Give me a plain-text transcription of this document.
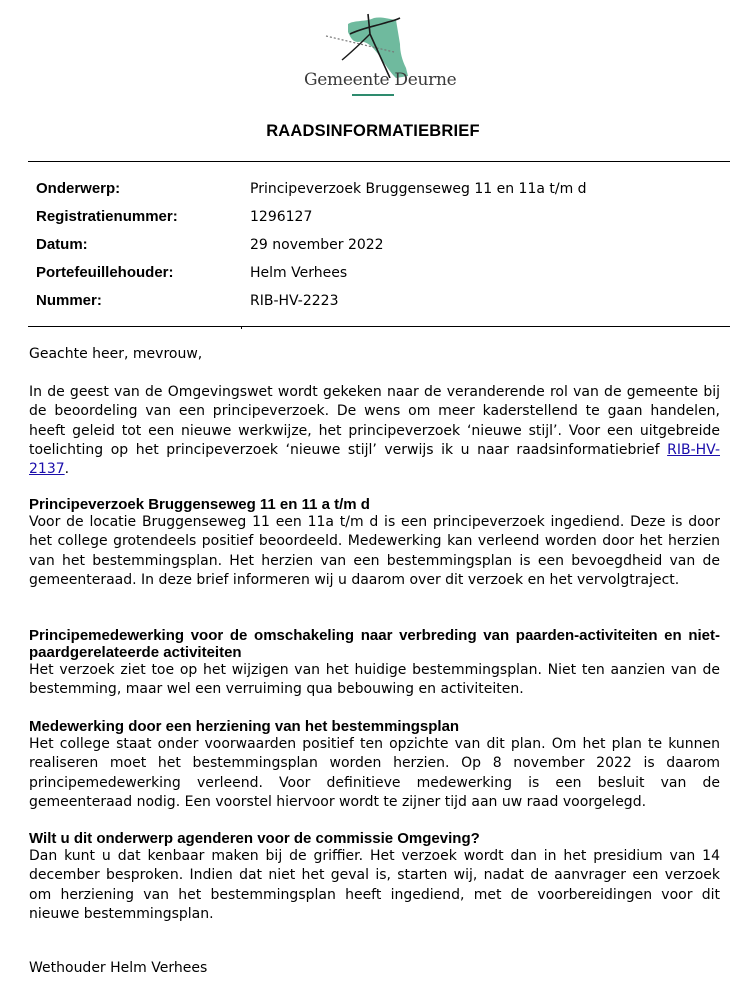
Gemeente Deurne
RAADSINFORMATIEBRIEF
Onderwerp:	Principeverzoek Bruggenseweg 11 en 11a t/m d
Registratienummer:	1296127
Datum:	29 november 2022
Portefeuillehouder:	Helm Verhees
Nummer:	RIB-HV-2223

Geachte heer, mevrouw,

In de geest van de Omgevingswet wordt gekeken naar de veranderende rol van de gemeente bij de beoordeling van een principeverzoek. De wens om meer kaderstellend te gaan handelen, heeft geleid tot een nieuwe werkwijze, het principeverzoek ‘nieuwe stijl’. Voor een uitgebreide toelichting op het principeverzoek ‘nieuwe stijl’ verwijs ik u naar raadsinformatiebrief RIB-HV-2137.

Principeverzoek Bruggenseweg 11 en 11 a t/m d

Voor de locatie Bruggenseweg 11 een 11a t/m d is een principeverzoek ingediend. Deze is door het college grotendeels positief beoordeeld. Medewerking kan verleend worden door het herzien van het bestemmingsplan. Het herzien van een bestemmingsplan is een bevoegdheid van de gemeenteraad. In deze brief informeren wij u daarom over dit verzoek en het vervolgtraject.

Principemedewerking voor de omschakeling naar verbreding van paarden-activiteiten en niet-paardgerelateerde activiteiten

Het verzoek ziet toe op het wijzigen van het huidige bestemmingsplan. Niet ten aanzien van de bestemming, maar wel een verruiming qua bebouwing en activiteiten.

Medewerking door een herziening van het bestemmingsplan

Het college staat onder voorwaarden positief ten opzichte van dit plan. Om het plan te kunnen realiseren moet het bestemmingsplan worden herzien. Op 8 november 2022 is daarom principemedewerking verleend. Voor definitieve medewerking is een besluit van de gemeenteraad nodig. Een voorstel hiervoor wordt te zijner tijd aan uw raad voorgelegd.

Wilt u dit onderwerp agenderen voor de commissie Omgeving?

Dan kunt u dat kenbaar maken bij de griffier. Het verzoek wordt dan in het presidium van 14 december besproken. Indien dat niet het geval is, starten wij, nadat de aanvrager een verzoek om herziening van het bestemmingsplan heeft ingediend, met de voorbereidingen voor dit nieuwe bestemmingsplan.

Wethouder Helm Verhees
